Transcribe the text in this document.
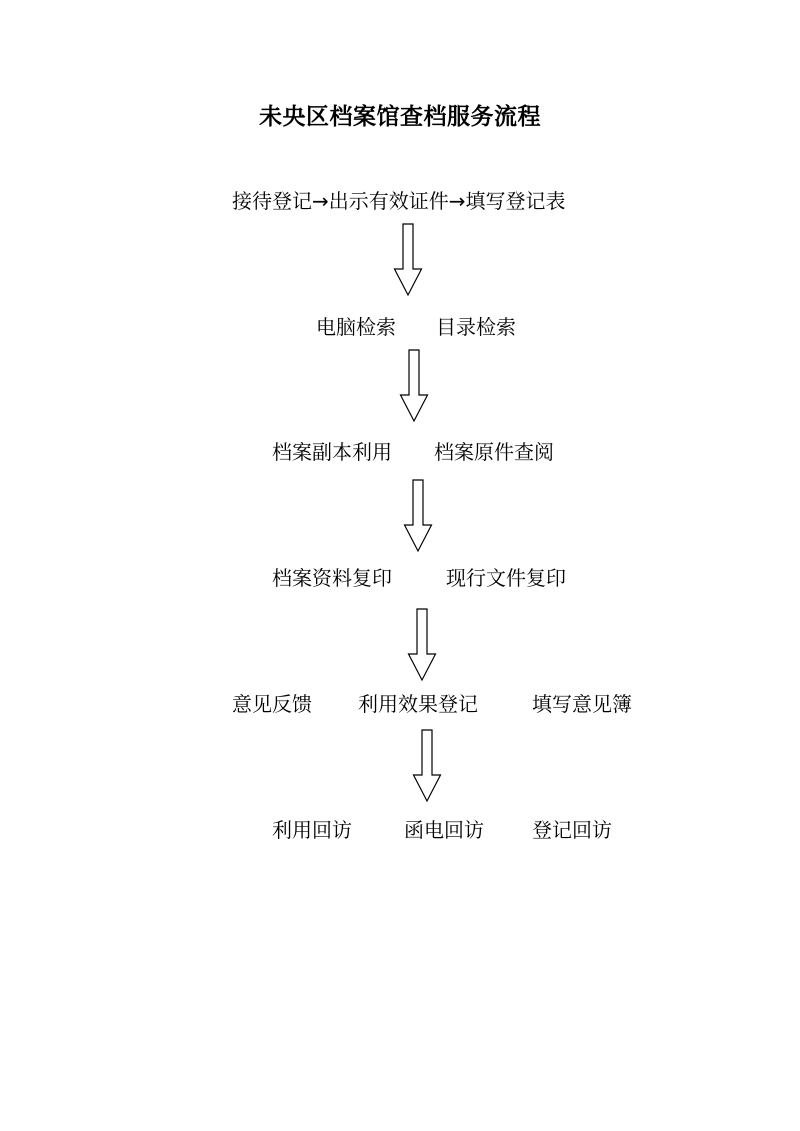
未央区档案馆查档服务流程
接待登记→出示有效证件→填写登记表
电脑检索 目录检索
档案副本利用 档案原件查阅
档案资料复印	现行文件复印
意见反馈 利用效果登记	填写意见簿
利用回访	函电回访 登记回访
